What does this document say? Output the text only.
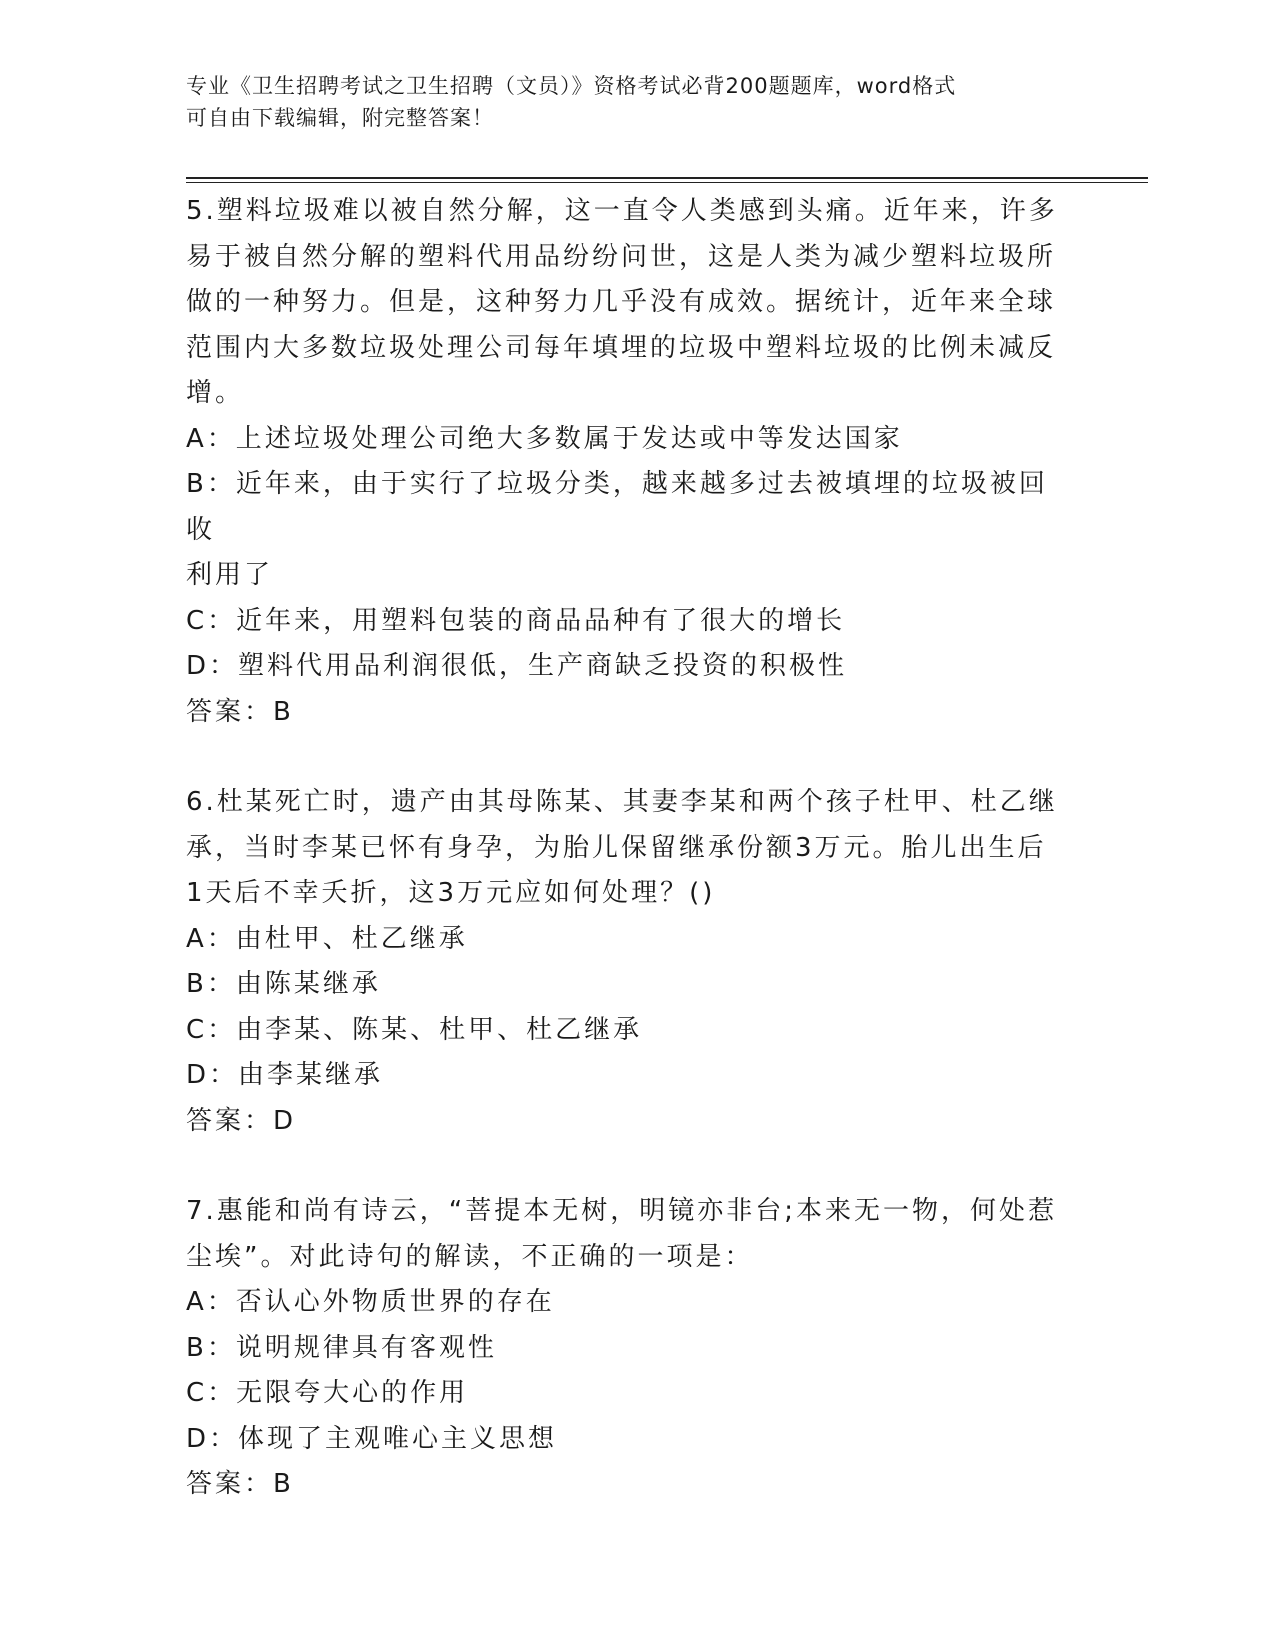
专业《卫生招聘考试之卫生招聘（文员）》资格考试必背200题题库，word格式
可自由下载编辑，附完整答案！
5.塑料垃圾难以被自然分解，这一直令人类感到头痛。近年来，许多
易于被自然分解的塑料代用品纷纷问世，这是人类为减少塑料垃圾所
做的一种努力。但是，这种努力几乎没有成效。据统计，近年来全球
范围内大多数垃圾处理公司每年填埋的垃圾中塑料垃圾的比例未减反
增。
A：上述垃圾处理公司绝大多数属于发达或中等发达国家
B：近年来，由于实行了垃圾分类，越来越多过去被填埋的垃圾被回收
利用了
C：近年来，用塑料包装的商品品种有了很大的增长
D：塑料代用品利润很低，生产商缺乏投资的积极性
答案：B
6.杜某死亡时，遗产由其母陈某、其妻李某和两个孩子杜甲、杜乙继
承，当时李某已怀有身孕，为胎儿保留继承份额3万元。胎儿出生后
1天后不幸夭折，这3万元应如何处理？()
A：由杜甲、杜乙继承
B：由陈某继承
C：由李某、陈某、杜甲、杜乙继承
D：由李某继承
答案：D
7.惠能和尚有诗云，“菩提本无树，明镜亦非台;本来无一物，何处惹
尘埃”。对此诗句的解读，不正确的一项是：
A：否认心外物质世界的存在
B：说明规律具有客观性
C：无限夸大心的作用
D：体现了主观唯心主义思想
答案：B
